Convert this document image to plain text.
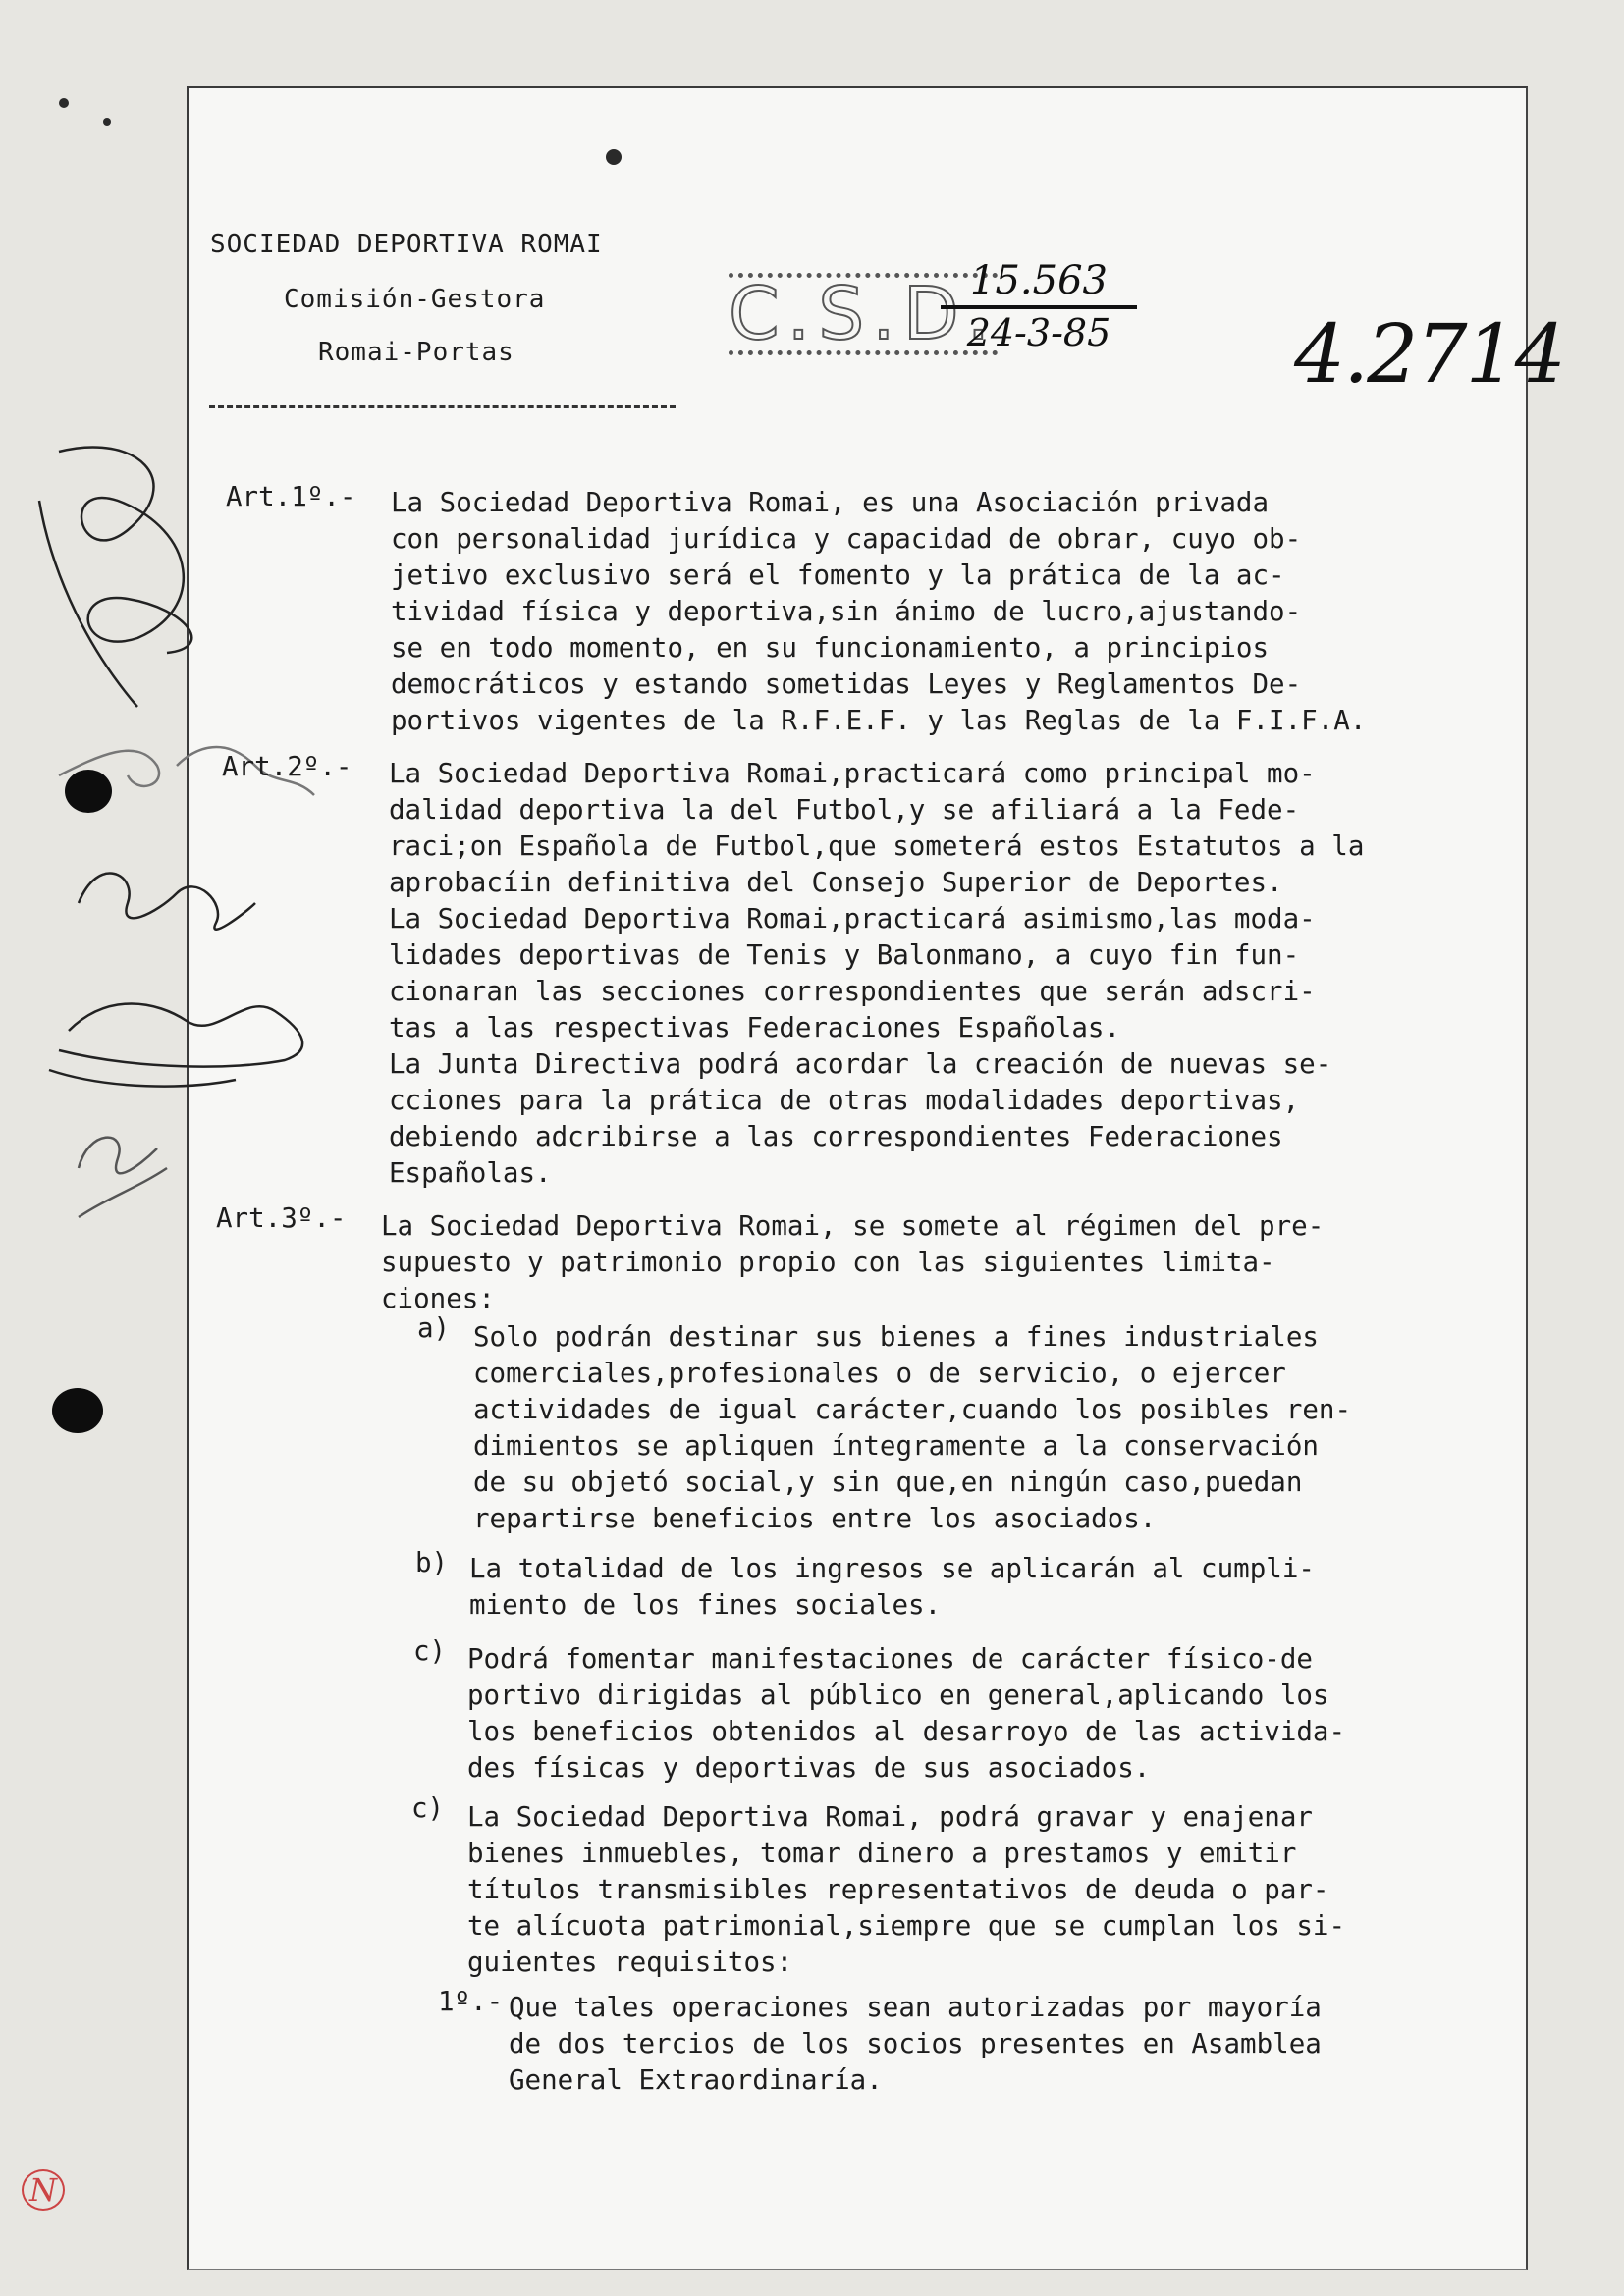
SOCIEDAD DEPORTIVA ROMAI
Comisión-Gestora
Romai-Portas	C.S.D.
$\frac{15.563}{24-3-85}$
4.2714
Art.1º.- La Sociedad Deportiva Romai, es una Asociación privada

con personalidad jurídica y capacidad de obrar, cuyo ob-

jetivo exclusivo será el fomento y la prática de la ac-

tividad física y deportiva,sin ánimo de lucro,ajustando-

se en todo momento, en su funcionamiento, a principios

democráticos y estando sometidas Leyes y Reglamentos De-

portivos vigentes de la R.F.E.F. y las Reglas de la F.I.F.A.

Art.2º.- La Sociedad Deportiva Romai,practicará como principal mo-

dalidad deportiva la del Futbol,y se afiliará a la Fede-

raci;on Española de Futbol,que someterá estos Estatutos a la

aprobacíin definitiva del Consejo Superior de Deportes.

La Sociedad Deportiva Romai,practicará asimismo,las moda-

lidades deportivas de Tenis y Balonmano, a cuyo fin fun-

cionaran las secciones correspondientes que serán adscri-

tas a las respectivas Federaciones Españolas.

La Junta Directiva podrá acordar la creación de nuevas se-

cciones para la prática de otras modalidades deportivas,

debiendo adcribirse a las correspondientes Federaciones

Españolas.

Art.3º.- La Sociedad Deportiva Romai, se somete al régimen del pre-

supuesto y patrimonio propio con las siguientes limita-

ciones:

a) Solo podrán destinar sus bienes a fines industriales

comerciales,profesionales o de servicio, o ejercer

actividades de igual carácter,cuando los posibles ren-

dimientos se apliquen íntegramente a la conservación

de su objetó social,y sin que,en ningún caso,puedan

repartirse beneficios entre los asociados.

b) La totalidad de los ingresos se aplicarán al cumpli-

miento de los fines sociales.

c) Podrá fomentar manifestaciones de carácter físico-de

portivo dirigidas al público en general,aplicando los

los beneficios obtenidos al desarroyo de las activida-

des físicas y deportivas de sus asociados.

c) La Sociedad Deportiva Romai, podrá gravar y enajenar

bienes inmuebles, tomar dinero a prestamos y emitir

títulos transmisibles representativos de deuda o par-

te alícuota patrimonial,siempre que se cumplan los si-

guientes requisitos:

1º.- Que tales operaciones sean autorizadas por mayoría

de dos tercios de los socios presentes en Asamblea

General Extraordinaría.

N
